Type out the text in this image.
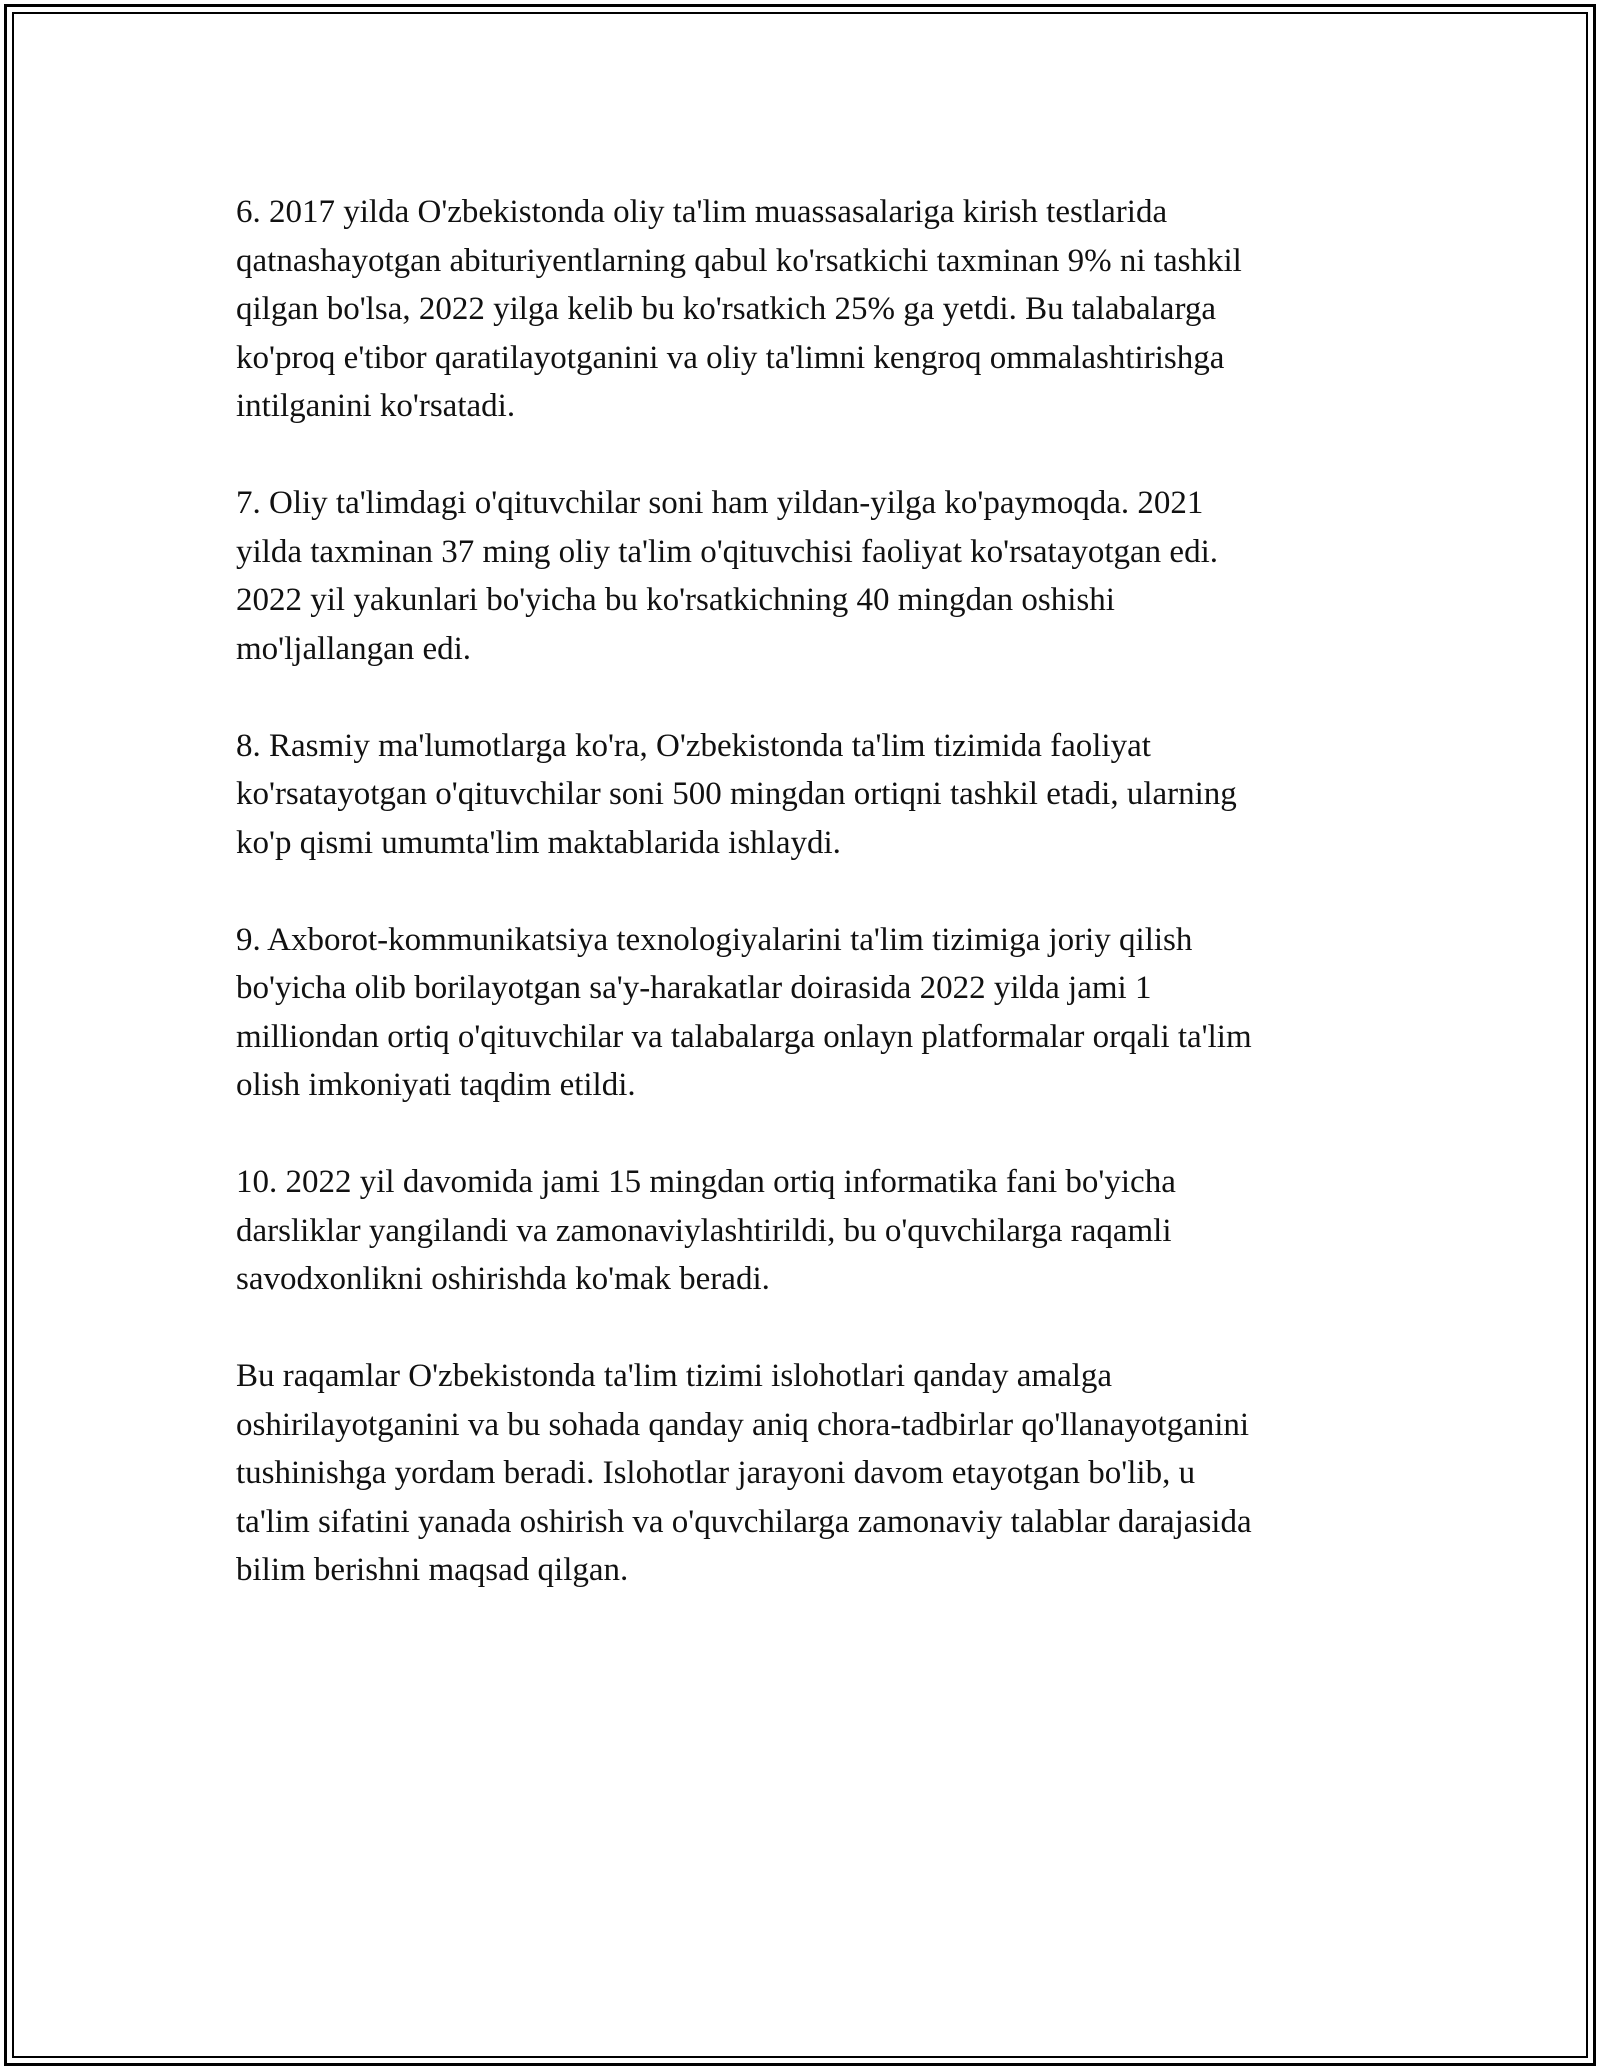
6. 2017 yilda O'zbekistonda oliy ta'lim muassasalariga kirish testlarida
qatnashayotgan abituriyentlarning qabul ko'rsatkichi taxminan 9% ni tashkil
qilgan bo'lsa, 2022 yilga kelib bu ko'rsatkich 25% ga yetdi. Bu talabalarga
ko'proq e'tibor qaratilayotganini va oliy ta'limni kengroq ommalashtirishga
intilganini ko'rsatadi.

7. Oliy ta'limdagi o'qituvchilar soni ham yildan-yilga ko'paymoqda. 2021
yilda taxminan 37 ming oliy ta'lim o'qituvchisi faoliyat ko'rsatayotgan edi.
2022 yil yakunlari bo'yicha bu ko'rsatkichning 40 mingdan oshishi
mo'ljallangan edi.

8. Rasmiy ma'lumotlarga ko'ra, O'zbekistonda ta'lim tizimida faoliyat
ko'rsatayotgan o'qituvchilar soni 500 mingdan ortiqni tashkil etadi, ularning
ko'p qismi umumta'lim maktablarida ishlaydi.

9. Axborot-kommunikatsiya texnologiyalarini ta'lim tizimiga joriy qilish
bo'yicha olib borilayotgan sa'y-harakatlar doirasida 2022 yilda jami 1
milliondan ortiq o'qituvchilar va talabalarga onlayn platformalar orqali ta'lim
olish imkoniyati taqdim etildi.

10. 2022 yil davomida jami 15 mingdan ortiq informatika fani bo'yicha
darsliklar yangilandi va zamonaviylashtirildi, bu o'quvchilarga raqamli
savodxonlikni oshirishda ko'mak beradi.

Bu raqamlar O'zbekistonda ta'lim tizimi islohotlari qanday amalga
oshirilayotganini va bu sohada qanday aniq chora-tadbirlar qo'llanayotganini
tushinishga yordam beradi. Islohotlar jarayoni davom etayotgan bo'lib, u
ta'lim sifatini yanada oshirish va o'quvchilarga zamonaviy talablar darajasida
bilim berishni maqsad qilgan.
